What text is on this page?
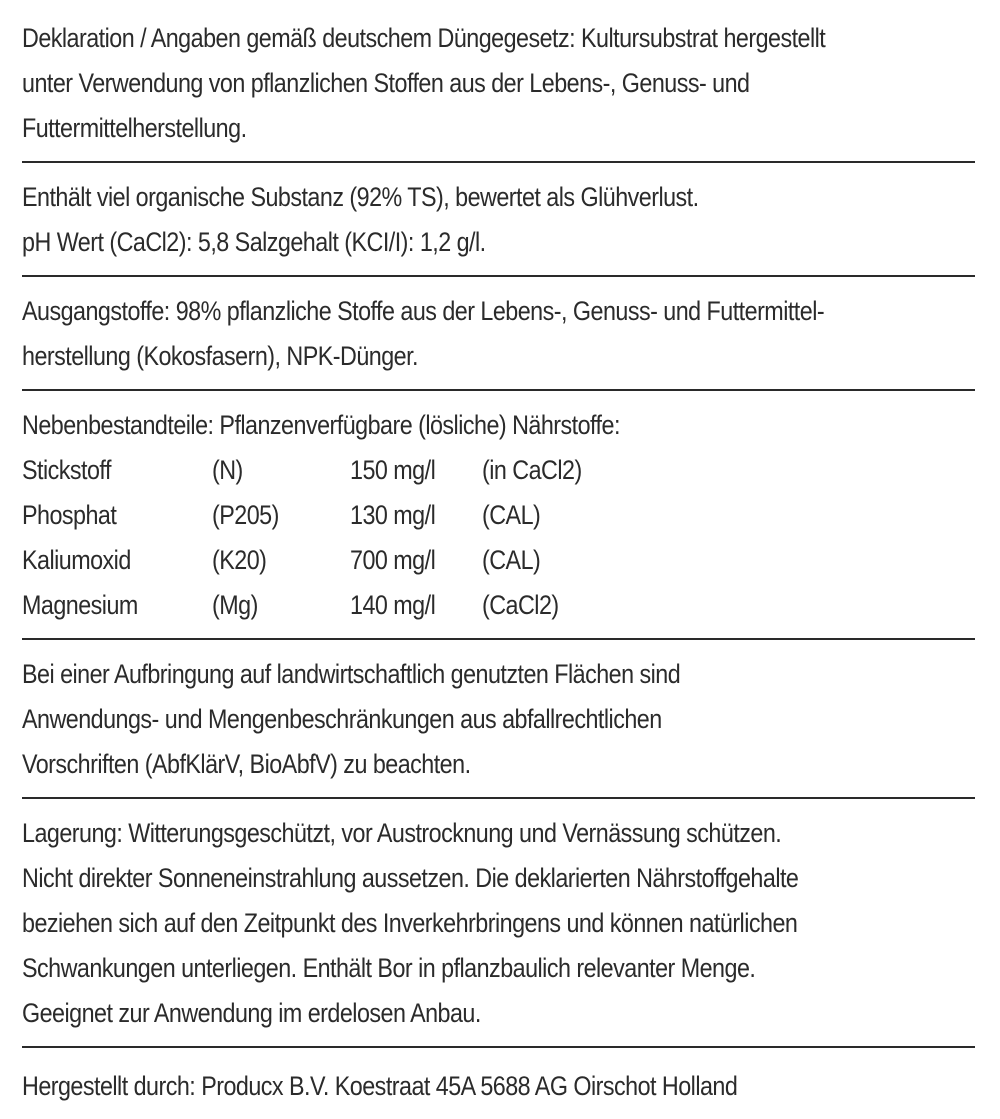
Deklaration / Angaben gemäß deutschem Düngegesetz: Kultursubstrat hergestellt
unter Verwendung von pflanzlichen Stoffen aus der Lebens-, Genuss- und
Futtermittelherstellung.
Enthält viel organische Substanz (92% TS), bewertet als Glühverlust.
pH Wert (CaCl2): 5,8 Salzgehalt (KCI/I): 1,2 g/l.
Ausgangstoffe: 98% pflanzliche Stoffe aus der Lebens-, Genuss- und Futtermittel-
herstellung (Kokosfasern), NPK-Dünger.
Nebenbestandteile: Pflanzenverfügbare (lösliche) Nährstoffe:
Stickstoff	(N)	150 mg/l (in CaCl2)
Phosphat	(P205)	130 mg/l (CAL)
Kaliumoxid	(K20)	700 mg/l (CAL)
Magnesium	(Mg)	140 mg/l (CaCl2)
Bei einer Aufbringung auf landwirtschaftlich genutzten Flächen sind
Anwendungs- und Mengenbeschränkungen aus abfallrechtlichen
Vorschriften (AbfKlärV, BioAbfV) zu beachten.
Lagerung: Witterungsgeschützt, vor Austrocknung und Vernässung schützen.
Nicht direkter Sonneneinstrahlung aussetzen. Die deklarierten Nährstoffgehalte
beziehen sich auf den Zeitpunkt des Inverkehrbringens und können natürlichen
Schwankungen unterliegen. Enthält Bor in pflanzbaulich relevanter Menge.
Geeignet zur Anwendung im erdelosen Anbau.
Hergestellt durch: Producx B.V. Koestraat 45A 5688 AG Oirschot Holland
